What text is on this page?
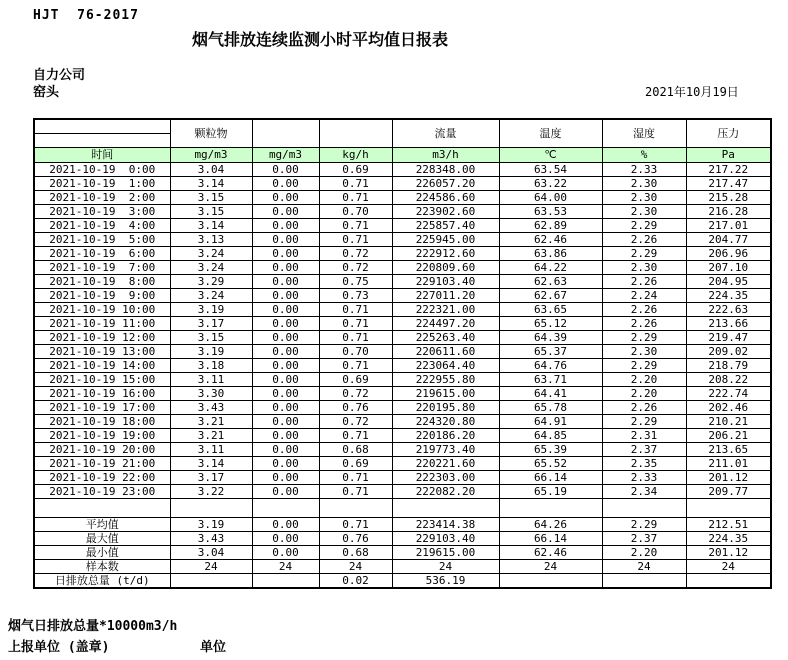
HJT  76-2017
烟气排放连续监测小时平均值日报表
自力公司
窑头	2021年10月19日
	颗粒物			流量	温度	湿度	压力

时间	mg/m3	mg/m3	kg/h	m3/h	℃	%	Pa
2021-10-19  0:00	3.04	0.00	0.69	228348.00	63.54	2.33	217.22
2021-10-19  1:00	3.14	0.00	0.71	226057.20	63.22	2.30	217.47
2021-10-19  2:00	3.15	0.00	0.71	224586.60	64.00	2.30	215.28
2021-10-19  3:00	3.15	0.00	0.70	223902.60	63.53	2.30	216.28
2021-10-19  4:00	3.14	0.00	0.71	225857.40	62.89	2.29	217.01
2021-10-19  5:00	3.13	0.00	0.71	225945.00	62.46	2.26	204.77
2021-10-19  6:00	3.24	0.00	0.72	222912.60	63.86	2.29	206.96
2021-10-19  7:00	3.24	0.00	0.72	220809.60	64.22	2.30	207.10
2021-10-19  8:00	3.29	0.00	0.75	229103.40	62.63	2.26	204.95
2021-10-19  9:00	3.24	0.00	0.73	227011.20	62.67	2.24	224.35
2021-10-19 10:00	3.19	0.00	0.71	222321.00	63.65	2.26	222.63
2021-10-19 11:00	3.17	0.00	0.71	224497.20	65.12	2.26	213.66
2021-10-19 12:00	3.15	0.00	0.71	225263.40	64.39	2.29	219.47
2021-10-19 13:00	3.19	0.00	0.70	220611.60	65.37	2.30	209.02
2021-10-19 14:00	3.18	0.00	0.71	223064.40	64.76	2.29	218.79
2021-10-19 15:00	3.11	0.00	0.69	222955.80	63.71	2.20	208.22
2021-10-19 16:00	3.30	0.00	0.72	219615.00	64.41	2.20	222.74
2021-10-19 17:00	3.43	0.00	0.76	220195.80	65.78	2.26	202.46
2021-10-19 18:00	3.21	0.00	0.72	224320.80	64.91	2.29	210.21
2021-10-19 19:00	3.21	0.00	0.71	220186.20	64.85	2.31	206.21
2021-10-19 20:00	3.11	0.00	0.68	219773.40	65.39	2.37	213.65
2021-10-19 21:00	3.14	0.00	0.69	220221.60	65.52	2.35	211.01
2021-10-19 22:00	3.17	0.00	0.71	222303.00	66.14	2.33	201.12
2021-10-19 23:00	3.22	0.00	0.71	222082.20	65.19	2.34	209.77

平均值	3.19	0.00	0.71	223414.38	64.26	2.29	212.51
最大值	3.43	0.00	0.76	229103.40	66.14	2.37	224.35
最小值	3.04	0.00	0.68	219615.00	62.46	2.20	201.12
样本数	24	24	24	24	24	24	24
日排放总量 (t/d)			0.02	536.19			
烟气日排放总量*10000m3/h
上报单位 (盖章)	单位
